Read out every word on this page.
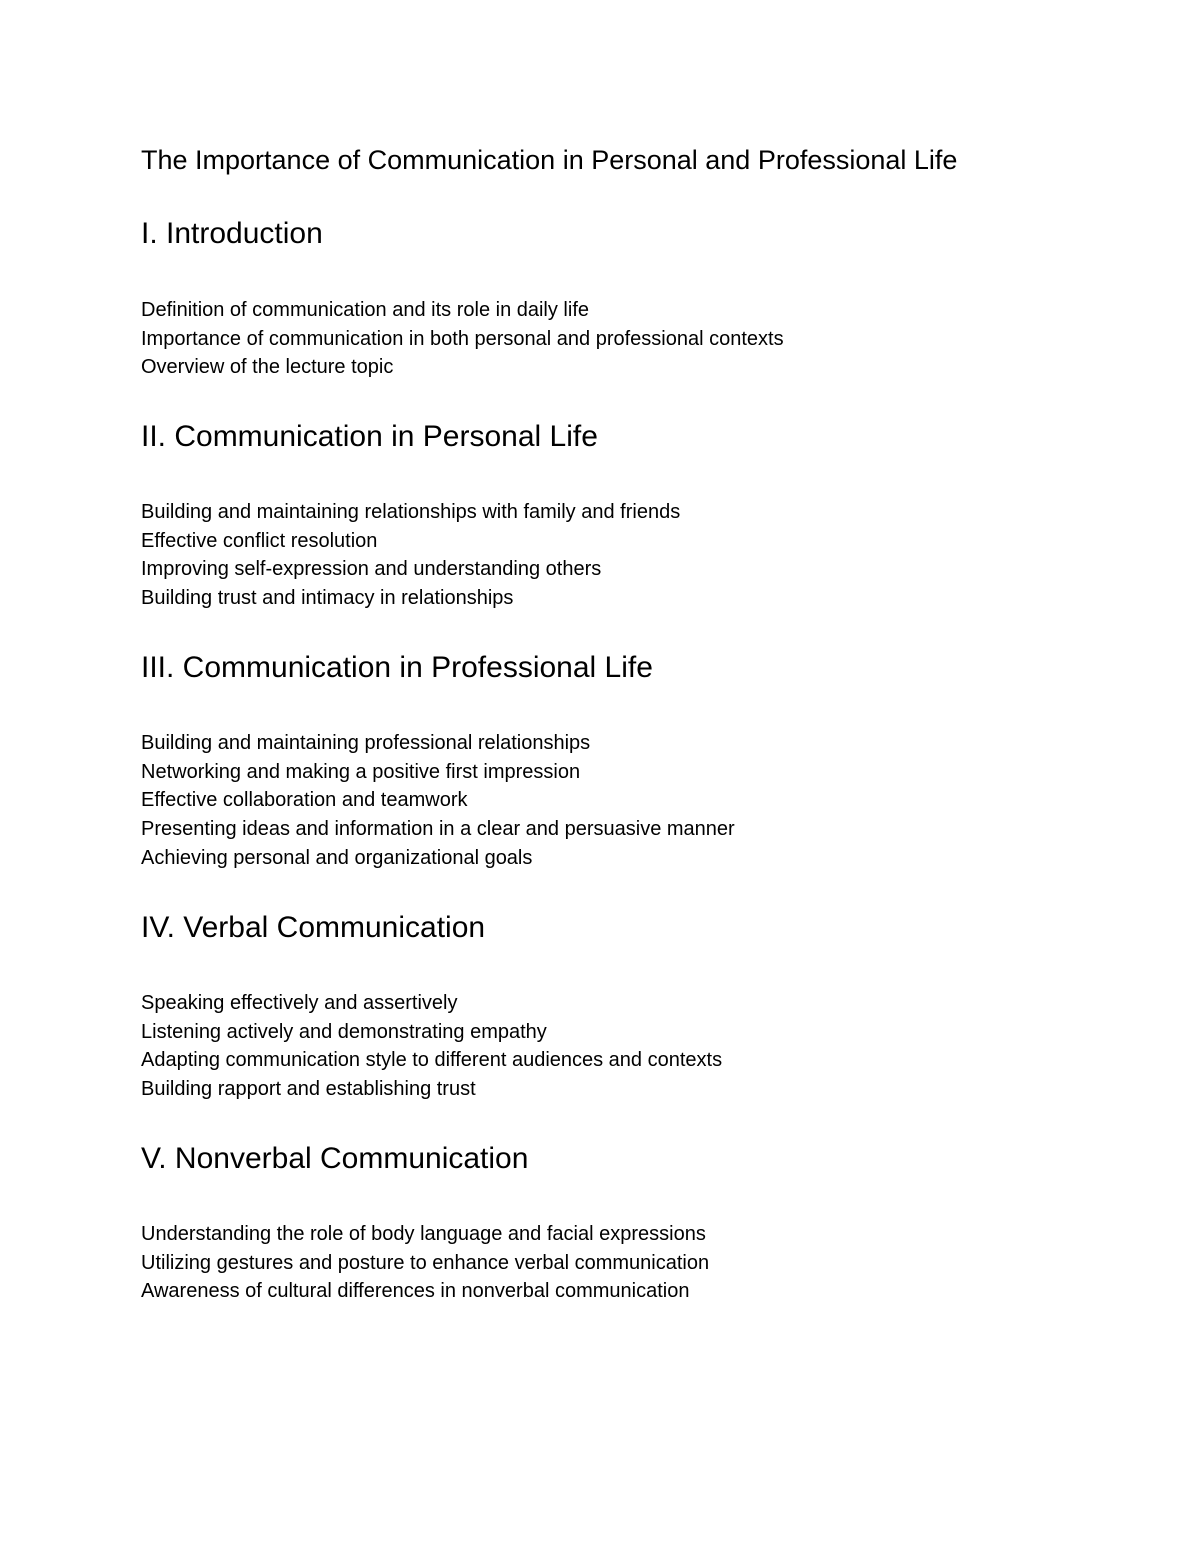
The Importance of Communication in Personal and Professional Life
I. Introduction
Definition of communication and its role in daily life
Importance of communication in both personal and professional contexts
Overview of the lecture topic
II. Communication in Personal Life
Building and maintaining relationships with family and friends
Effective conflict resolution
Improving self-expression and understanding others
Building trust and intimacy in relationships
III. Communication in Professional Life
Building and maintaining professional relationships
Networking and making a positive first impression
Effective collaboration and teamwork
Presenting ideas and information in a clear and persuasive manner
Achieving personal and organizational goals
IV. Verbal Communication
Speaking effectively and assertively
Listening actively and demonstrating empathy
Adapting communication style to different audiences and contexts
Building rapport and establishing trust
V. Nonverbal Communication
Understanding the role of body language and facial expressions
Utilizing gestures and posture to enhance verbal communication
Awareness of cultural differences in nonverbal communication
